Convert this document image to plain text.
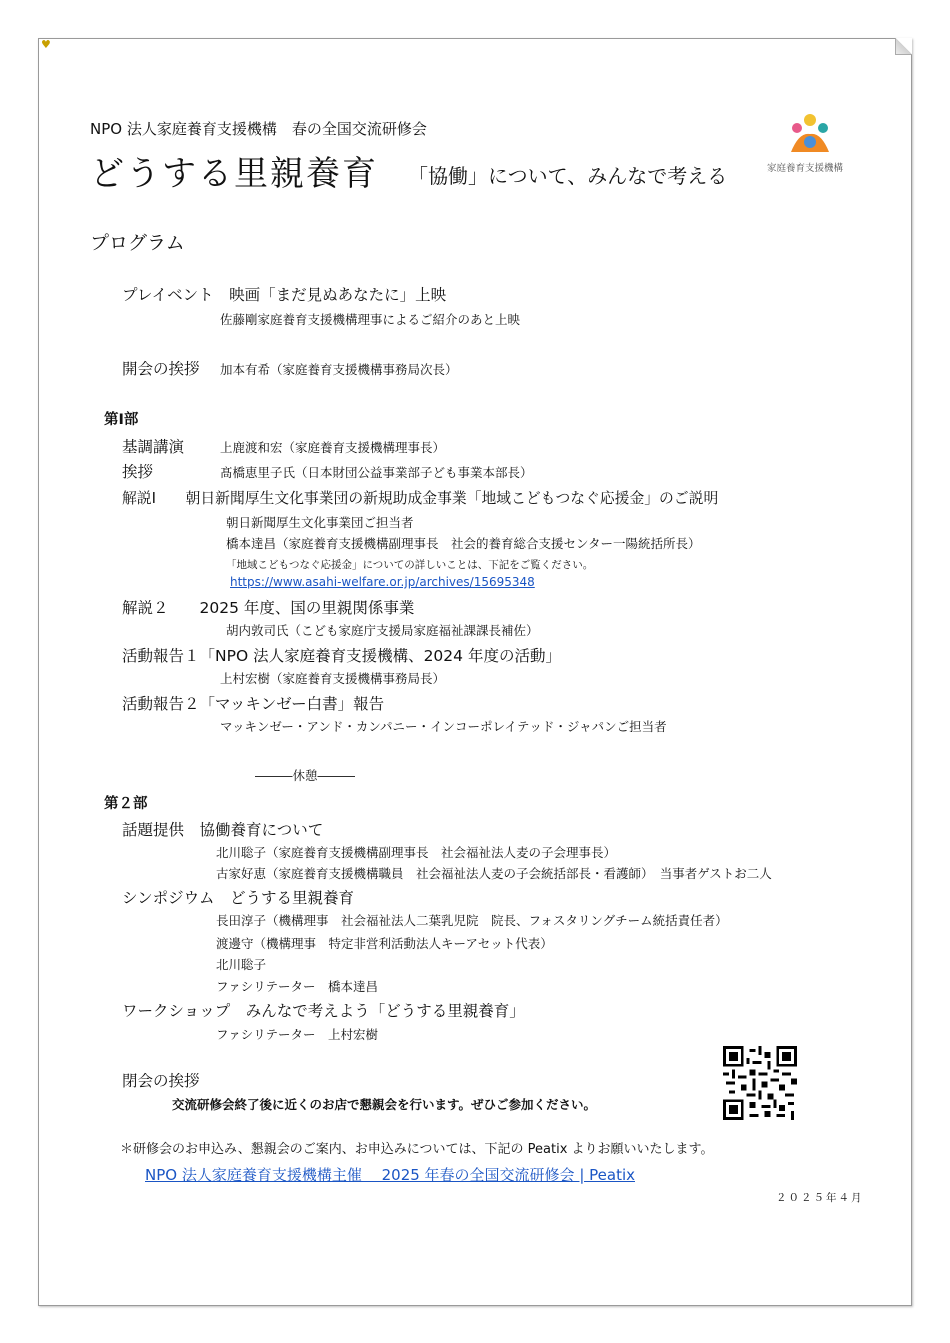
♥
NPO 法人家庭養育支援機構　春の全国交流研修会
どうする里親養育 「協働」について、みんなで考える	家庭養育支援機構
プログラム
プレイベント　映画「まだ見ぬあなたに」上映
佐藤剛家庭養育支援機構理事によるご紹介のあと上映
開会の挨拶 加本有希（家庭養育支援機構事務局次長）
第Ⅰ部
基調講演	上鹿渡和宏（家庭養育支援機構理事長）
挨拶	髙橋恵里子氏（日本財団公益事業部子ども事業本部長）
解説Ⅰ　　朝日新聞厚生文化事業団の新規助成金事業「地域こどもつなぐ応援金」のご説明
朝日新聞厚生文化事業団ご担当者
橋本達昌（家庭養育支援機構副理事長　社会的養育総合支援センター一陽統括所長）
「地域こどもつなぐ応援金」についての詳しいことは、下記をご覧ください。
https://www.asahi-welfare.or.jp/archives/15695348
解説２　　2025 年度、国の里親関係事業
胡内敦司氏（こども家庭庁支援局家庭福祉課課長補佐）
活動報告１「NPO 法人家庭養育支援機構、2024 年度の活動」
上村宏樹（家庭養育支援機構事務局長）
活動報告２「マッキンゼー白書」報告
マッキンゼー・アンド・カンパニー・インコーポレイテッド・ジャパンご担当者
―――休憩―――
第２部
話題提供　協働養育について
北川聡子（家庭養育支援機構副理事長　社会福祉法人麦の子会理事長）
古家好恵（家庭養育支援機構職員　社会福祉法人麦の子会統括部長・看護師）　当事者ゲストお二人
シンポジウム　どうする里親養育
長田淳子（機構理事　社会福祉法人二葉乳児院　院長、フォスタリングチーム統括責任者）
渡邊守（機構理事　特定非営利活動法人キーアセット代表）
北川聡子
ファシリテーター　橋本達昌
ワークショップ　みんなで考えよう「どうする里親養育」
ファシリテーター　上村宏樹
閉会の挨拶
交流研修会終了後に近くのお店で懇親会を行います。ぜひご参加ください。
＊研修会のお申込み、懇親会のご案内、お申込みについては、下記の Peatix よりお願いいたします。
NPO 法人家庭養育支援機構主催　 2025 年春の全国交流研修会 | Peatix
２０２５年４月
